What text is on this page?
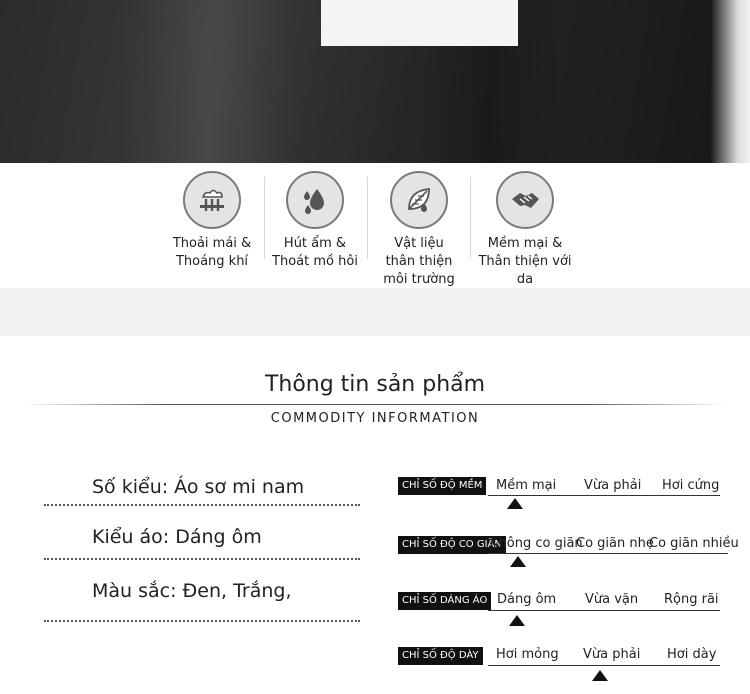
Thoải mái &
Thoáng khí
Hút ẩm &
Thoát mồ hôi
Vật liệu
thân thiện
môi trường
Mềm mại &
Thân thiện với da
Thông tin sản phẩm
COMMODITY INFORMATION
Số kiểu: Áo sơ mi nam
Kiểu áo: Dáng ôm
Màu sắc: Đen, Trắng,
CHỈ SỐ ĐỘ MỀM	Mềm mại Vừa phải Hơi cứng
CHỈ SỐ ĐỘ CO GIÃN
Không co giãn
Co giãn nhẹ
Co giãn nhiều
CHỈ SỐ DÁNG ÁO Dáng ôm Vừa vặn Rộng rãi
CHỈ SỐ ĐỘ DÀY	Hơi mỏng Vừa phải Hơi dày
